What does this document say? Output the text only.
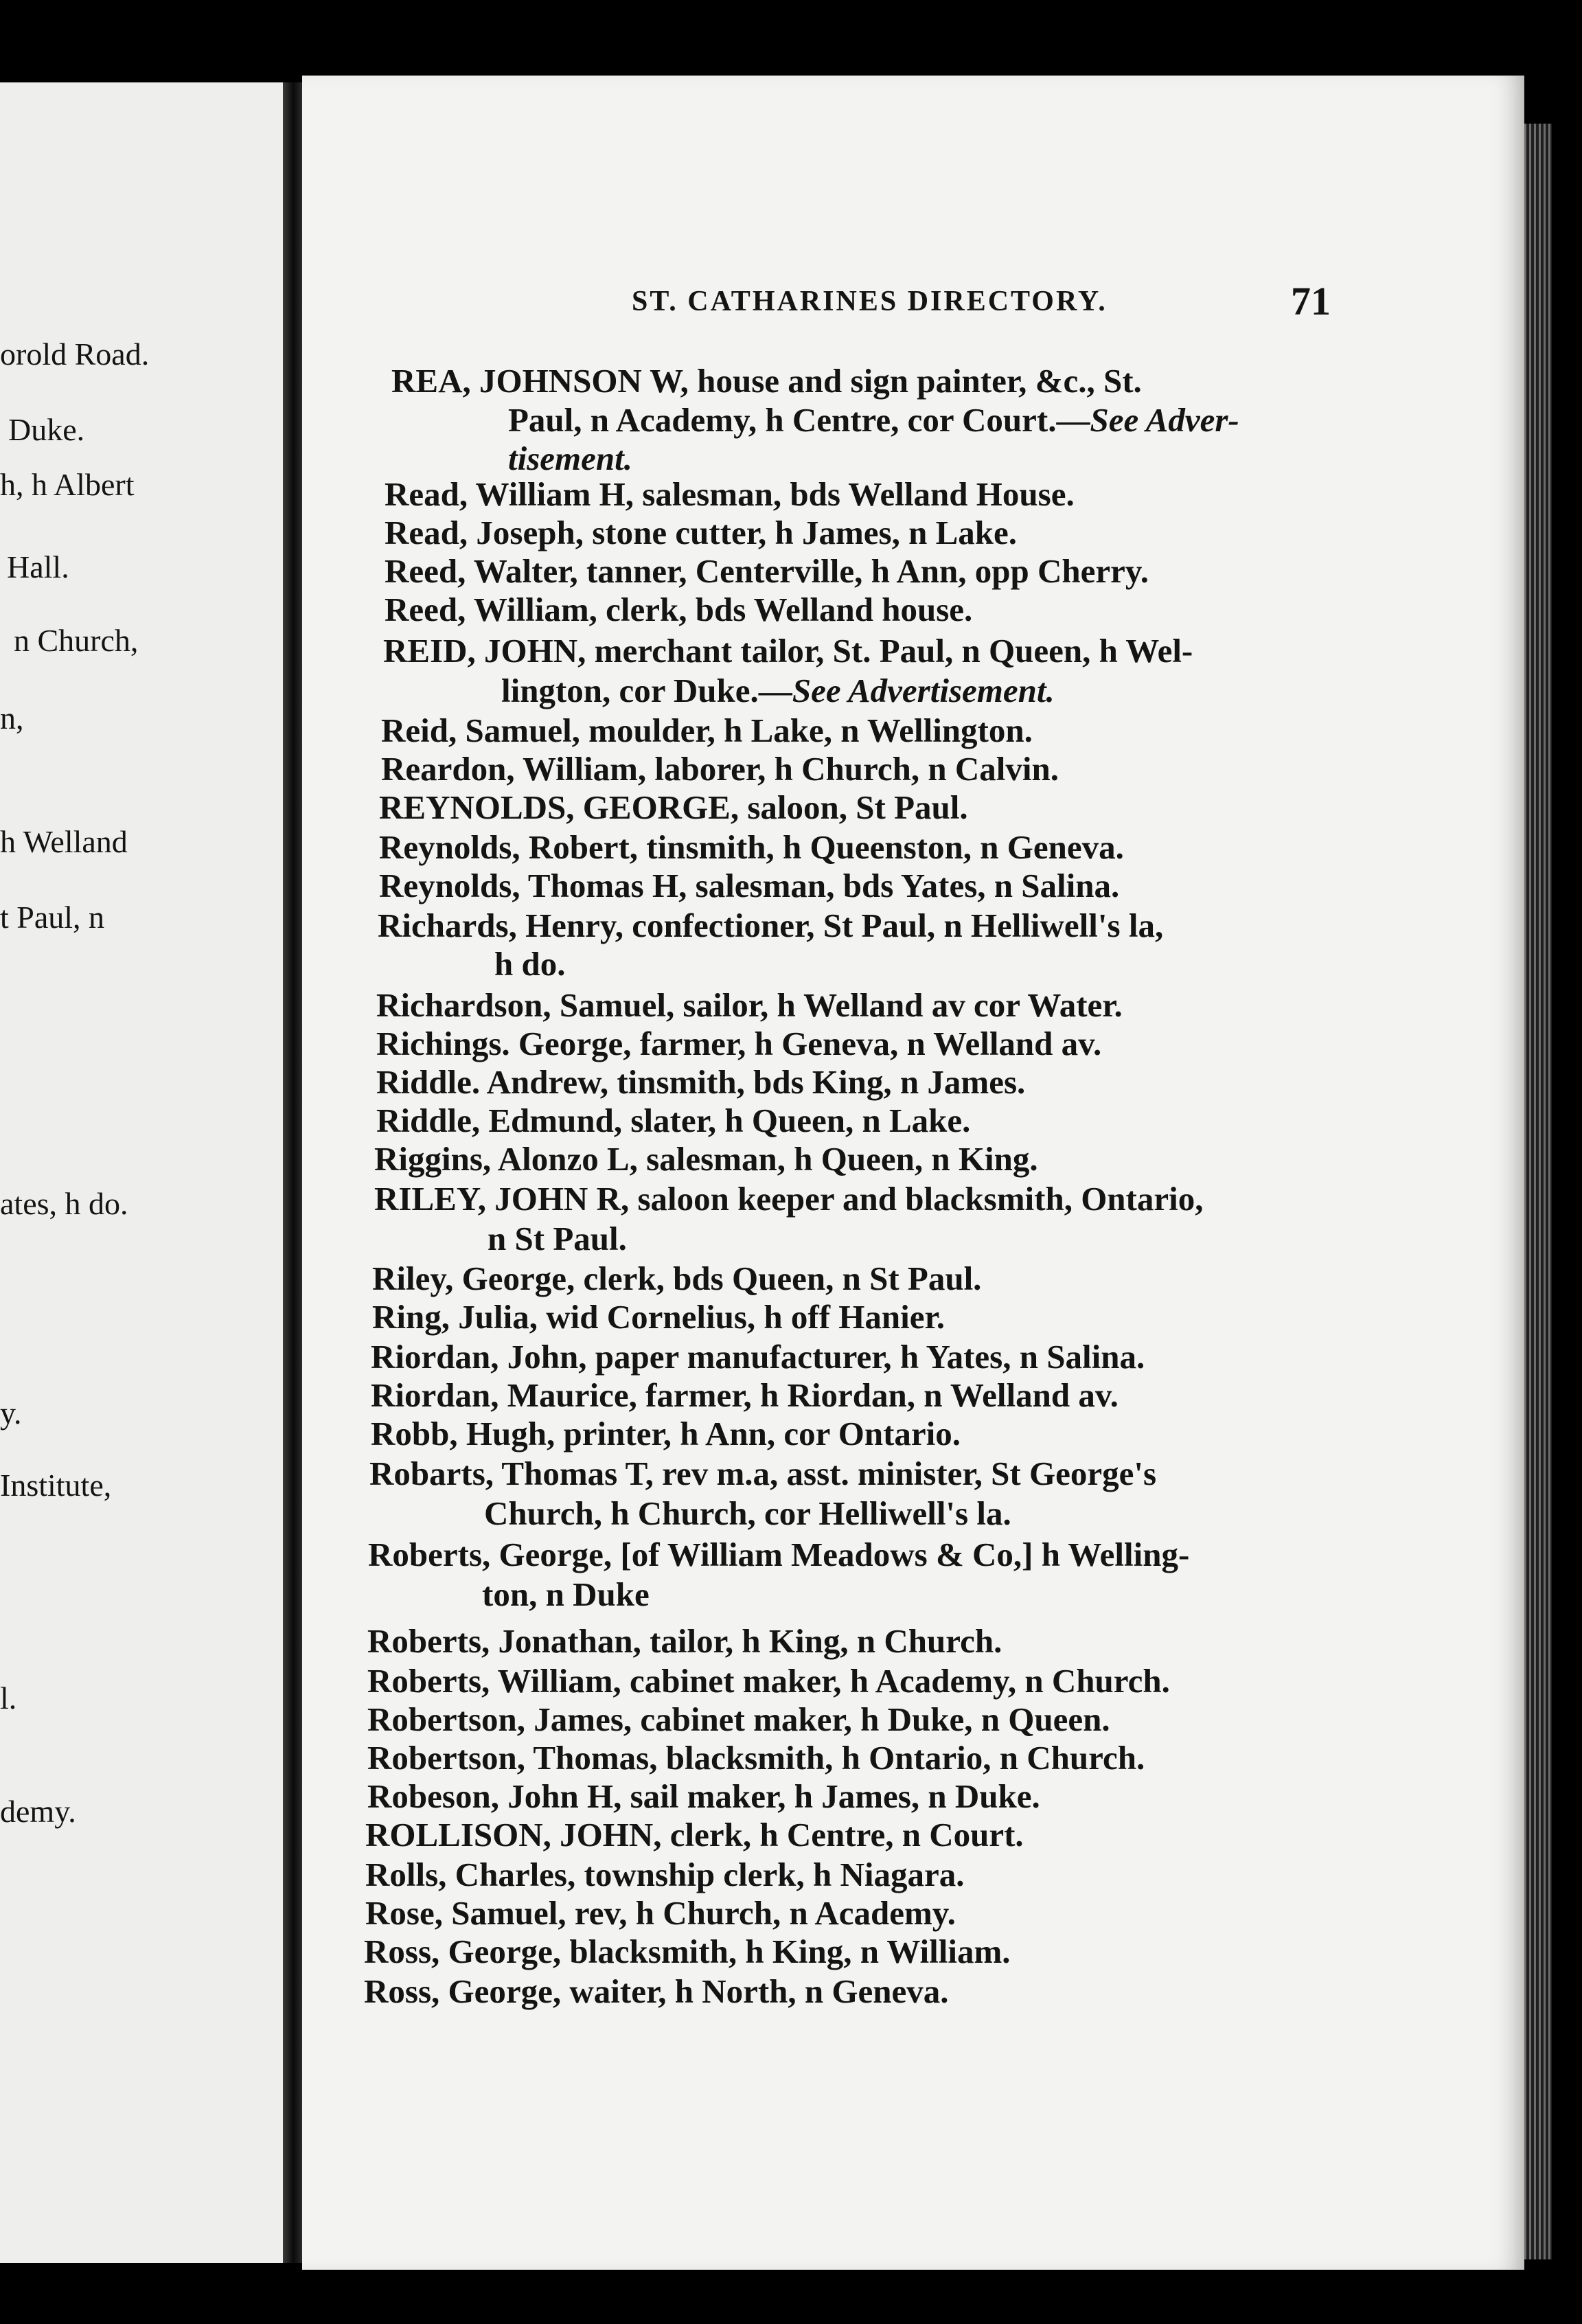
orold Road.
Duke.
h, h Albert
Hall.
n Church,
n,
h Welland
t Paul, n
ates, h do.
y.
Institute,
l.
demy.
ST. CATHARINES DIRECTORY.	71
REA, JOHNSON W, house and sign painter, &c., St.
Paul, n Academy, h Centre, cor Court.—See Adver-
tisement.
Read, William H, salesman, bds Welland House.
Read, Joseph, stone cutter, h James, n Lake.
Reed, Walter, tanner, Centerville, h Ann, opp Cherry.
Reed, William, clerk, bds Welland house.
REID, JOHN, merchant tailor, St. Paul, n Queen, h Wel-
lington, cor Duke.—See Advertisement.
Reid, Samuel, moulder, h Lake, n Wellington.
Reardon, William, laborer, h Church, n Calvin.
REYNOLDS, GEORGE, saloon, St Paul.
Reynolds, Robert, tinsmith, h Queenston, n Geneva.
Reynolds, Thomas H, salesman, bds Yates, n Salina.
Richards, Henry, confectioner, St Paul, n Helliwell's la,
h do.
Richardson, Samuel, sailor, h Welland av cor Water.
Richings. George, farmer, h Geneva, n Welland av.
Riddle. Andrew, tinsmith, bds King, n James.
Riddle, Edmund, slater, h Queen, n Lake.
Riggins, Alonzo L, salesman, h Queen, n King.
RILEY, JOHN R, saloon keeper and blacksmith, Ontario,
n St Paul.
Riley, George, clerk, bds Queen, n St Paul.
Ring, Julia, wid Cornelius, h off Hanier.
Riordan, John, paper manufacturer, h Yates, n Salina.
Riordan, Maurice, farmer, h Riordan, n Welland av.
Robb, Hugh, printer, h Ann, cor Ontario.
Robarts, Thomas T, rev m.a, asst. minister, St George's
Church, h Church, cor Helliwell's la.
Roberts, George, [of William Meadows & Co,] h Welling-
ton, n Duke
Roberts, Jonathan, tailor, h King, n Church.
Roberts, William, cabinet maker, h Academy, n Church.
Robertson, James, cabinet maker, h Duke, n Queen.
Robertson, Thomas, blacksmith, h Ontario, n Church.
Robeson, John H, sail maker, h James, n Duke.
ROLLISON, JOHN, clerk, h Centre, n Court.
Rolls, Charles, township clerk, h Niagara.
Rose, Samuel, rev, h Church, n Academy.
Ross, George, blacksmith, h King, n William.
Ross, George, waiter, h North, n Geneva.
